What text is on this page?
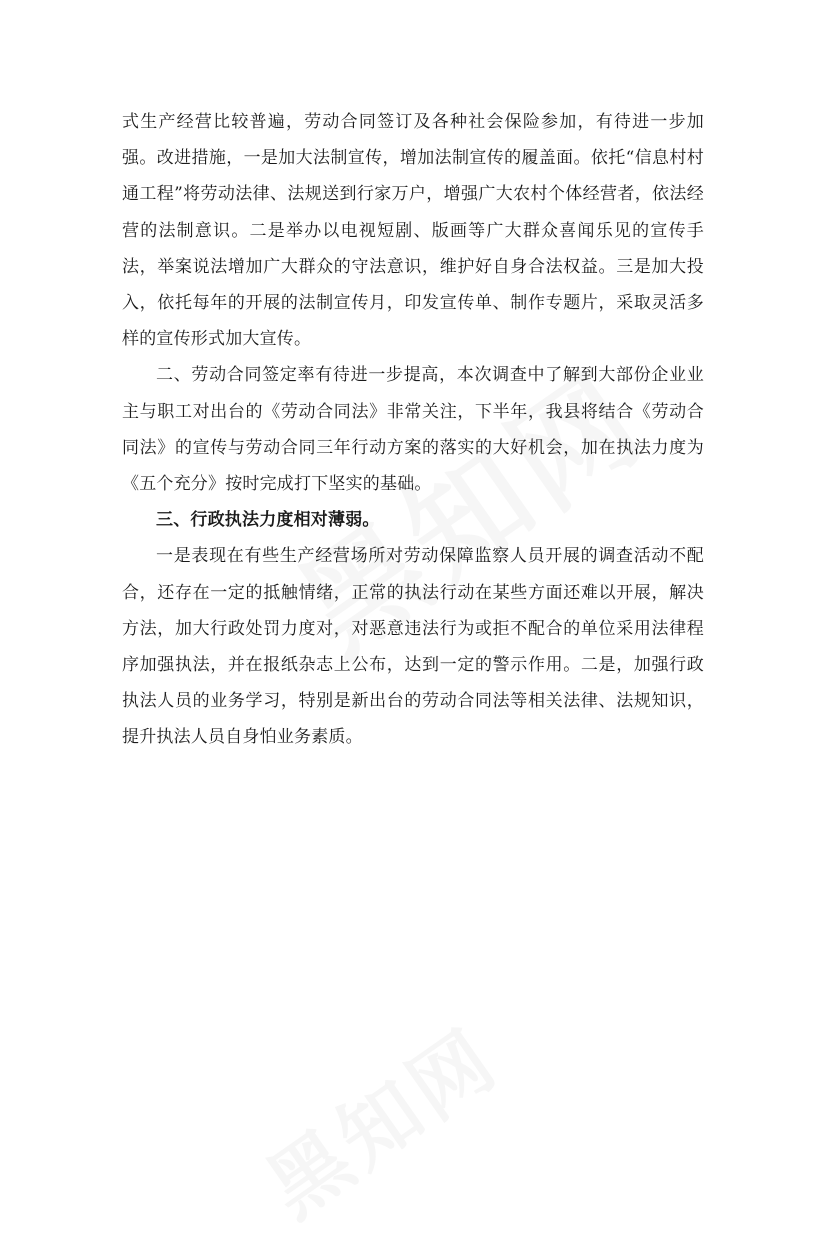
式生产经营比较普遍，劳动合同签订及各种社会保险参加，有待进一步加强。改进措施，一是加大法制宣传，增加法制宣传的履盖面。依托“信息村村通工程”将劳动法律、法规送到行家万户，增强广大农村个体经营者，依法经营的法制意识。二是举办以电视短剧、版画等广大群众喜闻乐见的宣传手法，举案说法增加广大群众的守法意识，维护好自身合法权益。三是加大投入，依托每年的开展的法制宣传月，印发宣传单、制作专题片，采取灵活多样的宣传形式加大宣传。

二、劳动合同签定率有待进一步提高，本次调查中了解到大部份企业业主与职工对出台的《劳动合同法》非常关注，下半年，我县将结合《劳动合同法》的宣传与劳动合同三年行动方案的落实的大好机会，加在执法力度为《五个充分》按时完成打下坚实的基础。

三、行政执法力度相对薄弱。

一是表现在有些生产经营场所对劳动保障监察人员开展的调查活动不配合，还存在一定的抵触情绪，正常的执法行动在某些方面还难以开展，解决方法，加大行政处罚力度对，对恶意违法行为或拒不配合的单位采用法律程序加强执法，并在报纸杂志上公布，达到一定的警示作用。二是，加强行政执法人员的业务学习，特别是新出台的劳动合同法等相关法律、法规知识，提升执法人员自身怕业务素质。
